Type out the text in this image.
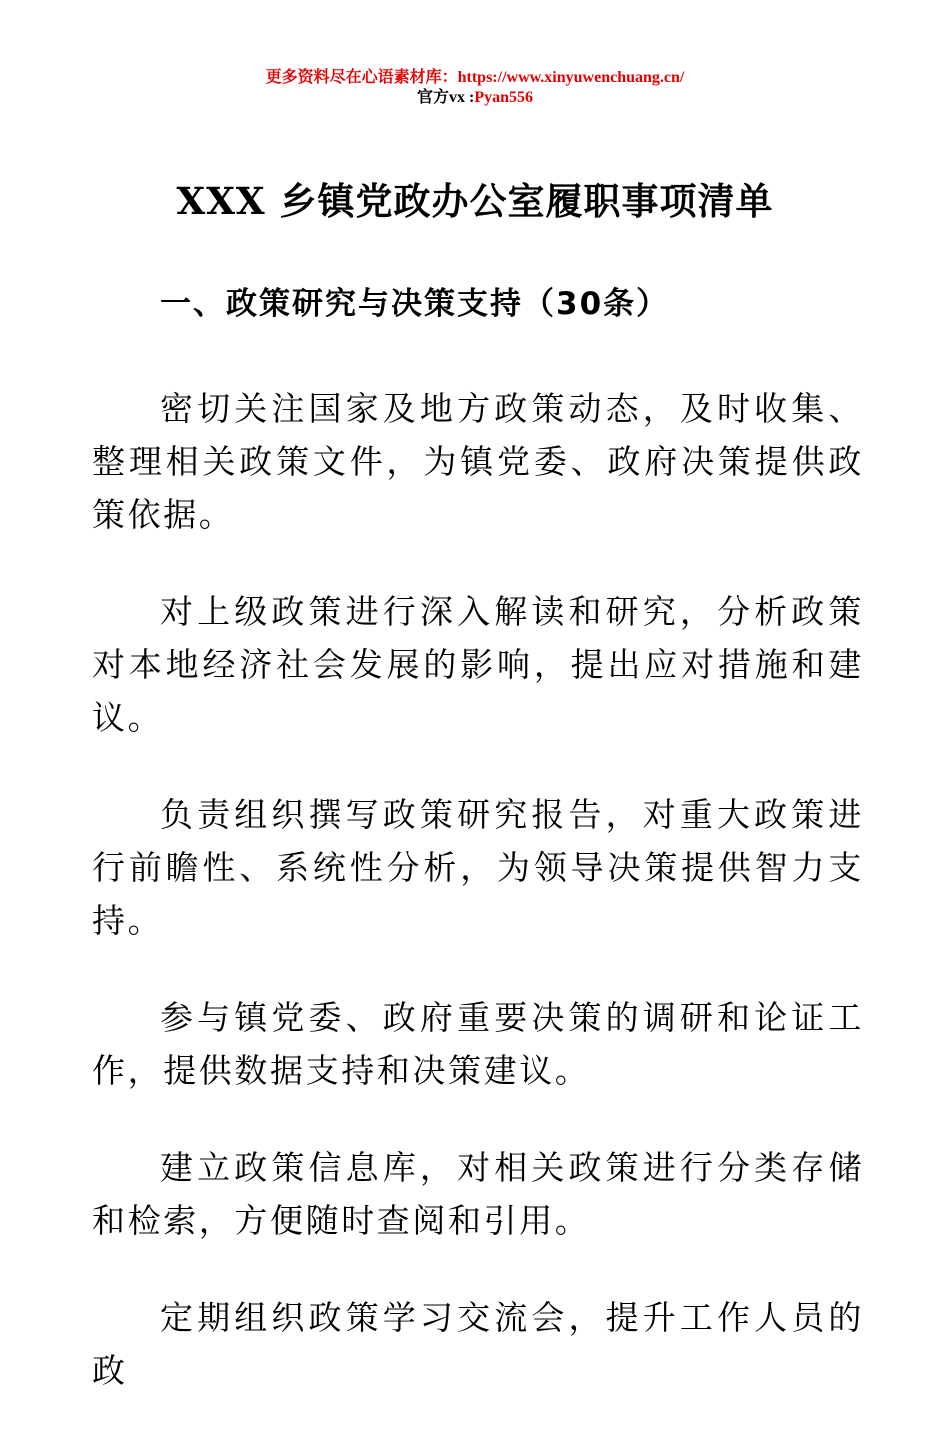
更多资料尽在心语素材库：https://www.xinyuwenchuang.cn/
官方vx :Pyan556
XXX 乡镇党政办公室履职事项清单
一、政策研究与决策支持（30条）

密切关注国家及地方政策动态，及时收集、整理相关政策文件，为镇党委、政府决策提供政策依据。

对上级政策进行深入解读和研究，分析政策对本地经济社会发展的影响，提出应对措施和建议。

负责组织撰写政策研究报告，对重大政策进行前瞻性、系统性分析，为领导决策提供智力支持。

参与镇党委、政府重要决策的调研和论证工作，提供数据支持和决策建议。

建立政策信息库，对相关政策进行分类存储和检索，方便随时查阅和引用。

定期组织政策学习交流会，提升工作人员的政
